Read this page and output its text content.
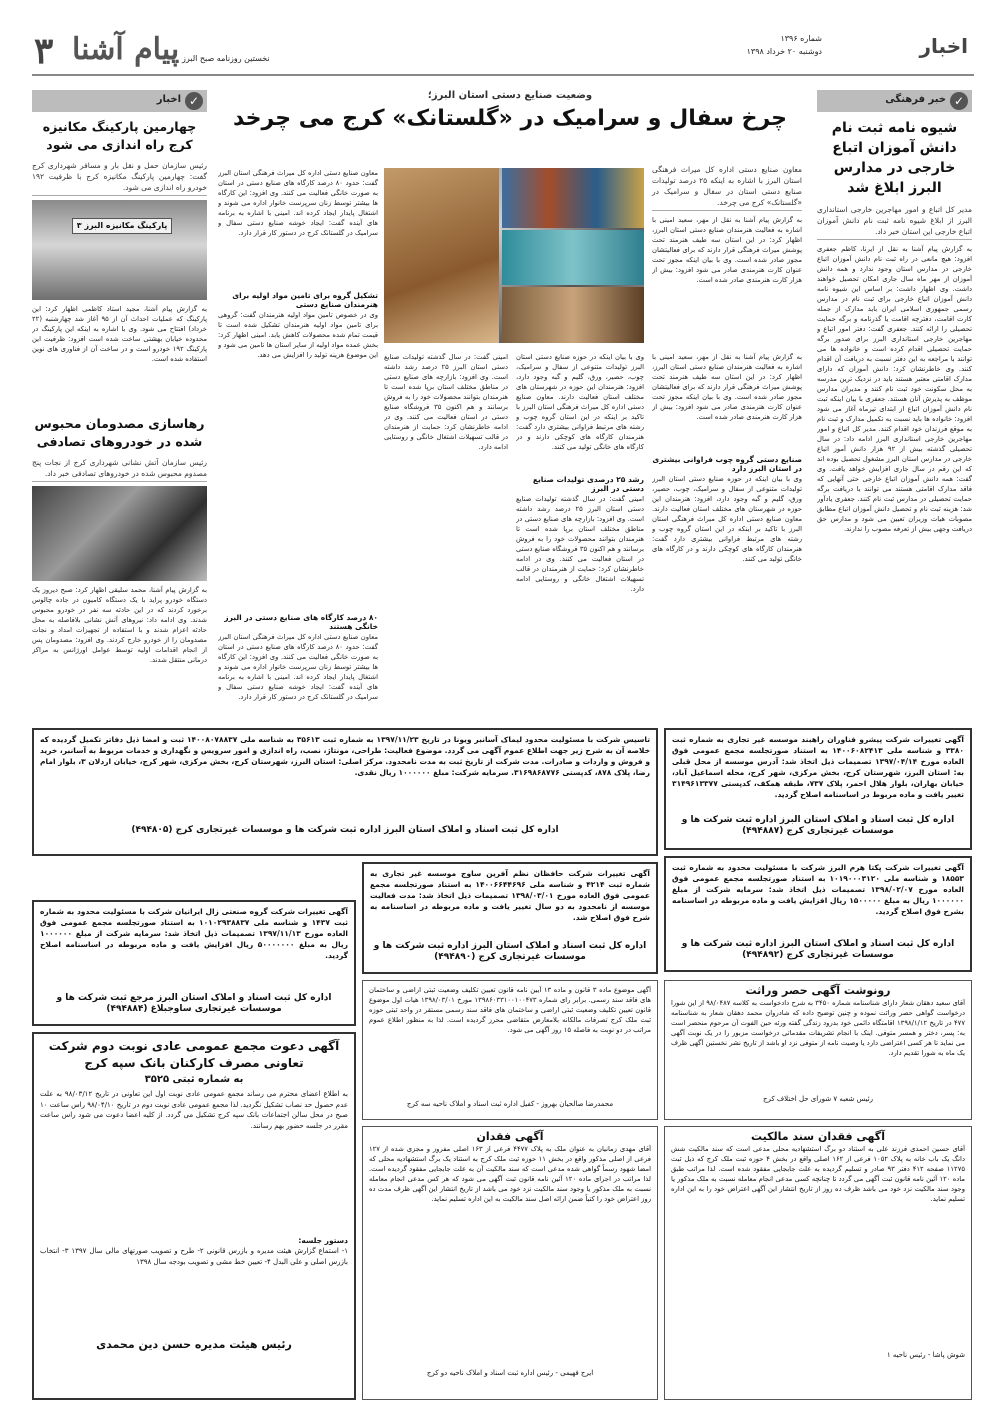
۳ پیام آشنا نخستین روزنامه صبح البرز
شماره ۱۳۹۶
دوشنبه ۲۰ خرداد ۱۳۹۸	اخبار
✓
خبر فرهنگی
شیوه نامه ثبت نام دانش آموزان اتباع خارجی در مدارس البرز ابلاغ شد
مدیر کل اتباع و امور مهاجرین خارجی استانداری البرز از ابلاغ شیوه نامه ثبت نام دانش آموزان اتباع خارجی این استان خبر داد.
به گزارش پیام آشنا به نقل از ایرنا، کاظم جعفری افزود: هیچ مانعی در راه ثبت نام دانش آموزان اتباع خارجی در مدارس استان وجود ندارد و همه دانش آموزان از مهر ماه سال جاری امکان تحصیل خواهند داشت. وی اظهار داشت: بر اساس این شیوه نامه دانش آموزان اتباع خارجی برای ثبت نام در مدارس رسمی جمهوری اسلامی ایران باید مدارک از جمله کارت اقامت، دفترچه اقامت یا گذرنامه و برگه حمایت تحصیلی را ارائه کنند. جعفری گفت: دفتر امور اتباع و مهاجرین خارجی استانداری البرز برای صدور برگه حمایت تحصیلی اقدام کرده است و خانواده ها می توانند با مراجعه به این دفتر نسبت به دریافت آن اقدام کنند. وی خاطرنشان کرد: دانش آموزان که دارای مدارک اقامتی معتبر هستند باید در نزدیک ترین مدرسه به محل سکونت خود ثبت نام کنند و مدیران مدارس موظف به پذیرش آنان هستند. جعفری با بیان اینکه ثبت نام دانش آموزان اتباع از ابتدای تیرماه آغاز می شود افزود: خانواده ها باید نسبت به تکمیل مدارک و ثبت نام به موقع فرزندان خود اقدام کنند. مدیر کل اتباع و امور مهاجرین خارجی استانداری البرز ادامه داد: در سال تحصیلی گذشته بیش از ۹۲ هزار دانش آموز اتباع خارجی در مدارس استان البرز مشغول تحصیل بوده اند که این رقم در سال جاری افزایش خواهد یافت. وی گفت: همه دانش آموزان اتباع خارجی حتی آنهایی که فاقد مدارک اقامتی هستند می توانند با دریافت برگه حمایت تحصیلی در مدارس ثبت نام کنند. جعفری یادآور شد: هزینه ثبت نام و تحصیل دانش آموزان اتباع مطابق مصوبات هیات وزیران تعیین می شود و مدارس حق دریافت وجهی بیش از تعرفه مصوب را ندارند.
وضعیت صنایع دستی استان البرز؛
چرخ سفال و سرامیک در «گلستانک» کرج می چرخد
معاون صنایع دستی اداره کل میراث فرهنگی استان البرز با اشاره به اینکه ۲۵ درصد تولیدات صنایع دستی استان در سفال و سرامیک در «گلستانک» کرج می چرخد.
به گزارش پیام آشنا به نقل از مهر، سعید امینی با اشاره به فعالیت هنرمندان صنایع دستی استان البرز، اظهار کرد: در این استان سه طیف هنرمند تحت پوشش میراث فرهنگی قرار دارند که برای فعالیتشان مجوز صادر شده است. وی با بیان اینکه مجوز تحت عنوان کارت هنرمندی صادر می شود افزود: بیش از هزار کارت هنرمندی صادر شده است.
معاون صنایع دستی اداره کل میراث فرهنگی استان البرز گفت: حدود ۸۰ درصد کارگاه های صنایع دستی در استان به صورت خانگی فعالیت می کنند. وی افزود: این کارگاه ها بیشتر توسط زنان سرپرست خانوار اداره می شوند و اشتغال پایدار ایجاد کرده اند. امینی با اشاره به برنامه های آینده گفت: ایجاد خوشه صنایع دستی سفال و سرامیک در گلستانک کرج در دستور کار قرار دارد.
تشکیل گروه برای تامین مواد اولیه برای هنرمندان صنایع دستی
وی در خصوص تامین مواد اولیه هنرمندان گفت: گروهی برای تامین مواد اولیه هنرمندان تشکیل شده است تا قیمت تمام شده محصولات کاهش یابد. امینی اظهار کرد: بخش عمده مواد اولیه از سایر استان ها تامین می شود و این موضوع هزینه تولید را افزایش می دهد.
۸۰ درصد کارگاه های صنایع دستی در البرز خانگی هستند
معاون صنایع دستی اداره کل میراث فرهنگی استان البرز گفت: حدود ۸۰ درصد کارگاه های صنایع دستی در استان به صورت خانگی فعالیت می کنند. وی افزود: این کارگاه ها بیشتر توسط زنان سرپرست خانوار اداره می شوند و اشتغال پایدار ایجاد کرده اند. امینی با اشاره به برنامه های آینده گفت: ایجاد خوشه صنایع دستی سفال و سرامیک در گلستانک کرج در دستور کار قرار دارد.
به گزارش پیام آشنا به نقل از مهر، سعید امینی با اشاره به فعالیت هنرمندان صنایع دستی استان البرز، اظهار کرد: در این استان سه طیف هنرمند تحت پوشش میراث فرهنگی قرار دارند که برای فعالیتشان مجوز صادر شده است. وی با بیان اینکه مجوز تحت عنوان کارت هنرمندی صادر می شود افزود: بیش از هزار کارت هنرمندی صادر شده است.
صنایع دستی گروه چوب فراوانی بیشتری در استان البرز دارد
وی با بیان اینکه در حوزه صنایع دستی استان البرز تولیدات متنوعی از سفال و سرامیک، چوب، حصیر، ورق، گلیم و گبه وجود دارد، افزود: هنرمندان این حوزه در شهرستان های مختلف استان فعالیت دارند. معاون صنایع دستی اداره کل میراث فرهنگی استان البرز با تاکید بر اینکه در این استان گروه چوب و رشته های مرتبط فراوانی بیشتری دارد گفت: هنرمندان کارگاه های کوچکی دارند و در کارگاه های خانگی تولید می کنند.
وی با بیان اینکه در حوزه صنایع دستی استان البرز تولیدات متنوعی از سفال و سرامیک، چوب، حصیر، ورق، گلیم و گبه وجود دارد، افزود: هنرمندان این حوزه در شهرستان های مختلف استان فعالیت دارند. معاون صنایع دستی اداره کل میراث فرهنگی استان البرز با تاکید بر اینکه در این استان گروه چوب و رشته های مرتبط فراوانی بیشتری دارد گفت: هنرمندان کارگاه های کوچکی دارند و در کارگاه های خانگی تولید می کنند.
رشد ۲۵ درصدی تولیدات صنایع دستی در البرز
امینی گفت: در سال گذشته تولیدات صنایع دستی استان البرز ۲۵ درصد رشد داشته است. وی افزود: بازارچه های صنایع دستی در مناطق مختلف استان برپا شده است تا هنرمندان بتوانند محصولات خود را به فروش برسانند و هم اکنون ۳۵ فروشگاه صنایع دستی در استان فعالیت می کنند. وی در ادامه خاطرنشان کرد: حمایت از هنرمندان در قالب تسهیلات اشتغال خانگی و روستایی ادامه دارد.
امینی گفت: در سال گذشته تولیدات صنایع دستی استان البرز ۲۵ درصد رشد داشته است. وی افزود: بازارچه های صنایع دستی در مناطق مختلف استان برپا شده است تا هنرمندان بتوانند محصولات خود را به فروش برسانند و هم اکنون ۳۵ فروشگاه صنایع دستی در استان فعالیت می کنند. وی در ادامه خاطرنشان کرد: حمایت از هنرمندان در قالب تسهیلات اشتغال خانگی و روستایی ادامه دارد.
✓
اخبار
چهارمین پارکینگ مکانیزه کرج راه اندازی می شود
رئیس سازمان حمل و نقل بار و مسافر شهرداری کرج گفت: چهارمین پارکینگ مکانیزه کرج با ظرفیت ۱۹۲ خودرو راه اندازی می شود.
پارکینگ مکانیزه البرز ۳
به گزارش پیام آشنا، مجید استاد کاظمی اظهار کرد: این پارکینگ که عملیات احداث آن از ۹۵ آغاز شد چهارشنبه (۲۲ خرداد) افتتاح می شود. وی با اشاره به اینکه این پارکینگ در محدوده خیابان بهشتی ساخت شده است افزود: ظرفیت این پارکینگ ۱۹۲ خودرو است و در ساخت آن از فناوری های نوین استفاده شده است.
رهاسازی مصدومان محبوس شده در خودروهای تصادفی
رئیس سازمان آتش نشانی شهرداری کرج از نجات پنج مصدوم محبوس شده در خودروهای تصادفی خبر داد.
به گزارش پیام آشنا، محمد سلیقی اظهار کرد: صبح دیروز یک دستگاه خودرو پراید با یک دستگاه کامیون در جاده چالوس برخورد کردند که در این حادثه سه نفر در خودرو محبوس شدند. وی ادامه داد: نیروهای آتش نشانی بلافاصله به محل حادثه اعزام شدند و با استفاده از تجهیزات امداد و نجات مصدومان را از خودرو خارج کردند. وی افزود: مصدومان پس از انجام اقدامات اولیه توسط عوامل اورژانس به مراکز درمانی منتقل شدند.
تاسیس شرکت با مسئولیت محدود لیماک آسانبر ویونا در تاریخ ۱۳۹۷/۱۱/۲۳ به شماره ثبت ۳۵۶۱۳ به شناسه ملی ۱۴۰۰۸۰۷۸۸۳۷ ثبت و امضا ذیل دفاتر تکمیل گردیده که خلاصه آن به شرح زیر جهت اطلاع عموم آگهی می گردد. موضوع فعالیت: طراحی، مونتاژ، نصب، راه اندازی و امور سرویس و نگهداری و خدمات مربوط به آسانبر، خرید و فروش و واردات و صادرات. مدت شرکت از تاریخ ثبت به مدت نامحدود. مرکز اصلی: استان البرز، شهرستان کرج، بخش مرکزی، شهر کرج، خیابان اردلان ۳، بلوار امام رضا، پلاک ۸۷۸، کدپستی ۳۱۶۹۸۶۸۷۷۶. سرمایه شرکت: مبلغ ۱۰۰۰۰۰۰ ریال نقدی.
اداره کل ثبت اسناد و املاک استان البرز اداره ثبت شرکت ها و موسسات غیرتجاری کرج (۴۹۴۸۰۵)
آگهی تغییرات شرکت پیشرو فناوران راهبند موسسه غیر تجاری به شماره ثبت ۳۳۸۰ و شناسه ملی ۱۴۰۰۶۰۸۲۴۱۳ به استناد صورتجلسه مجمع عمومی فوق العاده مورخ ۱۳۹۷/۰۴/۱۴ تصمیمات ذیل اتخاذ شد: آدرس موسسه از محل قبلی به: استان البرز، شهرستان کرج، بخش مرکزی، شهر کرج، محله اسماعیل آباد، خیابان بهاران، بلوار هلال احمر، پلاک ۷۳۷، طبقه همکف، کدپستی ۳۱۴۹۶۱۳۳۷۷ تغییر یافت و ماده مربوط در اساسنامه اصلاح گردید.
اداره کل ثبت اسناد و املاک استان البرز اداره ثبت شرکت ها و موسسات غیرتجاری کرج (۴۹۴۸۸۷)
آگهی تغییرات شرکت پکتا هرم البرز شرکت با مسئولیت محدود به شماره ثبت ۱۸۵۵۳ و شناسه ملی ۱۰۱۹۰۰۰۳۱۲۰ به استناد صورتجلسه مجمع عمومی فوق العاده مورخ ۱۳۹۸/۰۲/۰۷ تصمیمات ذیل اتخاذ شد: سرمایه شرکت از مبلغ ۱۰۰۰۰۰۰ ریال به مبلغ ۱۵۰۰۰۰۰ ریال افزایش یافت و ماده مربوطه در اساسنامه بشرح فوق اصلاح گردید.
اداره کل ثبت اسناد و املاک استان البرز اداره ثبت شرکت ها و موسسات غیرتجاری کرج (۴۹۴۸۹۲)
آگهی تغییرات شرکت حافظان نظم آفرین ساوج موسسه غیر تجاری به شماره ثبت ۴۲۱۴ و شناسه ملی ۱۴۰۰۶۶۴۴۶۹۶ به استناد صورتجلسه مجمع عمومی فوق العاده مورخ ۱۳۹۸/۰۳/۰۱ تصمیمات ذیل اتخاذ شد: مدت فعالیت موسسه از نامحدود به دو سال تغییر یافت و ماده مربوطه در اساسنامه به شرح فوق اصلاح شد.
اداره کل ثبت اسناد و املاک استان البرز اداره ثبت شرکت ها و موسسات غیرتجاری کرج (۴۹۴۸۹۰)
آگهی تغییرات شرکت گروه صنعتی زال ایرانیان شرکت با مسئولیت محدود به شماره ثبت ۱۴۳۷ و شناسه ملی ۱۰۱۰۲۹۳۸۸۳۷ به استناد صورتجلسه مجمع عمومی فوق العاده مورخ ۱۳۹۷/۱۱/۱۳ تصمیمات ذیل اتخاذ شد: سرمایه شرکت از مبلغ ۱۰۰۰۰۰۰ ریال به مبلغ ۵۰۰۰۰۰۰۰ ریال افزایش یافت و ماده مربوطه در اساسنامه اصلاح گردید.
اداره کل ثبت اسناد و املاک استان البرز مرجع ثبت شرکت ها و موسسات غیرتجاری ساوجبلاغ (۴۹۴۸۸۴)
آگهی موضوع ماده ۳ قانون و ماده ۱۳ آیین نامه قانون تعیین تکلیف وضعیت ثبتی اراضی و ساختمان های فاقد سند رسمی. برابر رای شماره ۱۳۹۸۶۰۳۳۱۰۰۱۰۰۴۷۳ مورخ ۱۳۹۸/۰۳/۰۱ هیات اول موضوع قانون تعیین تکلیف وضعیت ثبتی اراضی و ساختمان های فاقد سند رسمی مستقر در واحد ثبتی حوزه ثبت ملک کرج تصرفات مالکانه بلامعارض متقاضی محرز گردیده است. لذا به منظور اطلاع عموم مراتب در دو نوبت به فاصله ۱۵ روز آگهی می شود.
محمدرضا صالحیان بهروز - کفیل اداره ثبت اسناد و املاک ناحیه سه کرج
رونوشت آگهی حصر وراثت
آقای سعید دهقان شعار دارای شناسنامه شماره ۳۴۵۰ به شرح دادخواست به کلاسه ۹۸/۰۴۸۷ از این شورا درخواست گواهی حصر وراثت نموده و چنین توضیح داده که شادروان محمد دهقان شعار به شناسنامه ۴۷۷ در تاریخ ۱۳۹۸/۱/۱۲ اقامتگاه دائمی خود بدرود زندگی گفته ورثه حین الفوت آن مرحوم منحصر است به: پسر، دختر و همسر متوفی. اینک با انجام تشریفات مقدماتی درخواست مزبور را در یک نوبت آگهی می نماید تا هر کسی اعتراضی دارد یا وصیت نامه از متوفی نزد او باشد از تاریخ نشر نخستین آگهی ظرف یک ماه به شورا تقدیم دارد.
رئیس شعبه ۷ شورای حل اختلاف کرج
آگهی دعوت مجمع عمومی عادی نوبت دوم شرکت تعاونی مصرف کارکنان بانک سپه کرج
به شماره ثبتی ۳۵۲۵
به اطلاع اعضای محترم می رساند مجمع عمومی عادی نوبت اول این تعاونی در تاریخ ۹۸/۰۳/۱۲ به علت عدم حصول حد نصاب تشکیل نگردید. لذا مجمع عمومی عادی نوبت دوم در تاریخ ۹۸/۰۴/۱۰ راس ساعت ۱۰ صبح در محل سالن اجتماعات بانک سپه کرج تشکیل می گردد. از کلیه اعضا دعوت می شود راس ساعت مقرر در جلسه حضور بهم رسانند.
دستور جلسه:
۱- استماع گزارش هیئت مدیره و بازرس قانونی ۲- طرح و تصویب صورتهای مالی سال ۱۳۹۷ ۳- انتخاب بازرس اصلی و علی البدل ۴- تعیین خط مشی و تصویب بودجه سال ۱۳۹۸
رئیس هیئت مدیره حسن دین محمدی
آگهی فقدان
آقای مهدی زمانیان به عنوان ملک به پلاک ۴۴۷۷ فرعی از ۱۶۳ اصلی مفروز و مجزی شده از ۱۲۷ فرعی از اصلی مذکور واقع در بخش ۱۱ حوزه ثبت ملک کرج به استناد یک برگ استشهادیه محلی که امضا شهود رسماً گواهی شده مدعی است که سند مالکیت آن به علت جابجایی مفقود گردیده است. لذا مراتب در اجرای ماده ۱۲۰ آئین نامه قانون ثبت آگهی می شود که هر کس مدعی انجام معامله نسبت به ملک مذکور یا وجود سند مالکیت نزد خود می باشد از تاریخ انتشار این آگهی ظرف مدت ده روز اعتراض خود را کتباً ضمن ارائه اصل سند مالکیت به این اداره تسلیم نماید.
ایرج فهیمی - رئیس اداره ثبت اسناد و املاک ناحیه دو کرج
آگهی فقدان سند مالکیت
آقای حسین احمدی فرزند علی به استناد دو برگ استشهادیه محلی مدعی است که سند مالکیت شش دانگ یک باب خانه به پلاک ۱۰۵۲ فرعی از ۱۶۲ اصلی واقع در بخش ۴ حوزه ثبت ملک کرج که ذیل ثبت ۱۱۲۷۵ صفحه ۴۱۲ دفتر ۹۳ صادر و تسلیم گردیده به علت جابجایی مفقود شده است. لذا مراتب طبق ماده ۱۲۰ آئین نامه قانون ثبت آگهی می گردد تا چنانچه کسی مدعی انجام معامله نسبت به ملک مذکور یا وجود سند مالکیت نزد خود می باشد ظرف ده روز از تاریخ انتشار این آگهی اعتراض خود را به این اداره تسلیم نماید.
شوش پاشا - رئیس ناحیه ۱
